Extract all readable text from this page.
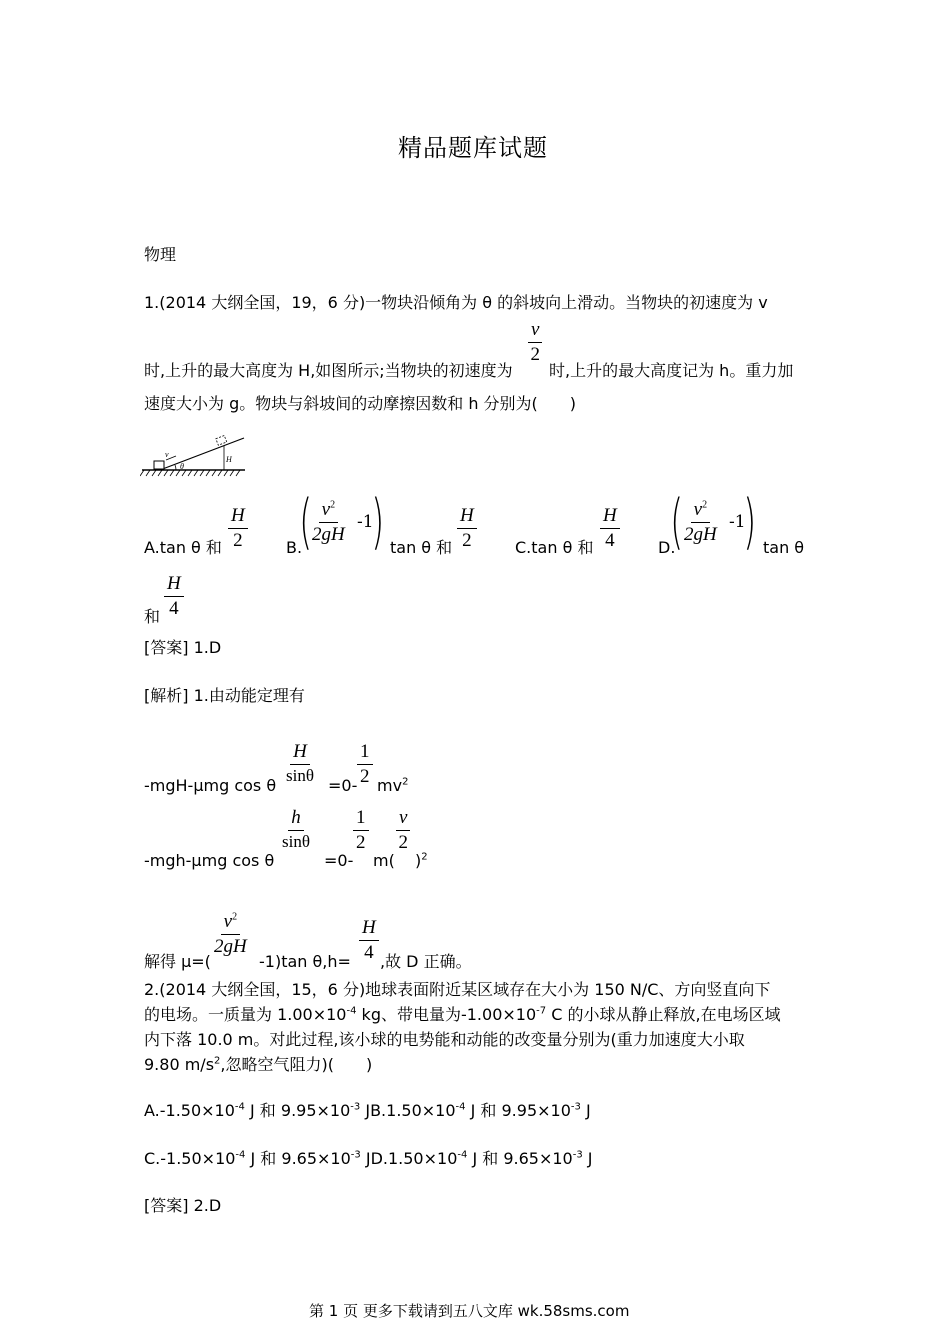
精品题库试题
物理
1.(2014 大纲全国，19，6 分)一物块沿倾角为 θ 的斜坡向上滑动。当物块的初速度为 v
$\frac{v}{2}$
时,上升的最大高度为 H,如图所示;当物块的初速度为 时,上升的最大高度记为 h。重力加
速度大小为 g。物块与斜坡间的动摩擦因数和 h 分别为(　　)
v
θ
H
A.tan θ 和 $\frac{H}{2} B$.
( $\frac{v^2}{2gH} -1$
) tan θ 和 $\frac{H}{2} C.\tan$ θ 和 $\frac{H}{4} D$.
( $\frac{v^2}{2gH} -1$
) tan θ
$\frac{H}{4}$
和
[答案] 1.D
[解析] 1.由动能定理有
-mgH-μmg cos θ
$\frac{H}{\sin\theta}$
$=0- \frac{1}{2} mv^2$
-mgh-μmg cos θ
$\frac{h}{\sin\theta}$
=0-
$\frac{1}{2}$
m(
$\frac{v}{2}$
)$^2$
解得 μ=(
$\frac{v^2}{2gH}$
-1)tan $\theta,h= \frac{H}{4}$ ,故 D 正确。
2.(2014 大纲全国，15，6 分)地球表面附近某区域存在大小为 150 N/C、方向竖直向下
的电场。一质量为 $1.00\times 10^{-4}$ kg、带电量为$-1.00\times 10^{-7}$ C 的小球从静止释放,在电场区域
内下落 10.0 m。对此过程,该小球的电势能和动能的改变量分别为(重力加速度大小取
9.80 $m/s^2$,忽略空气阻力)(　　)
$A.-1.50\times 10^{-4}$ J 和 $9.95\times 10^{-3}$ $JB.1.50\times 10^{-4}$ J 和 $9.95\times 10^{-3}$ J
$C.-1.50\times 10^{-4}$ J 和 $9.65\times 10^{-3}$ $JD.1.50\times 10^{-4}$ J 和 $9.65\times 10^{-3}$ J
[答案] 2.D
第 1 页 更多下载请到五八文库 wk.58sms.com
